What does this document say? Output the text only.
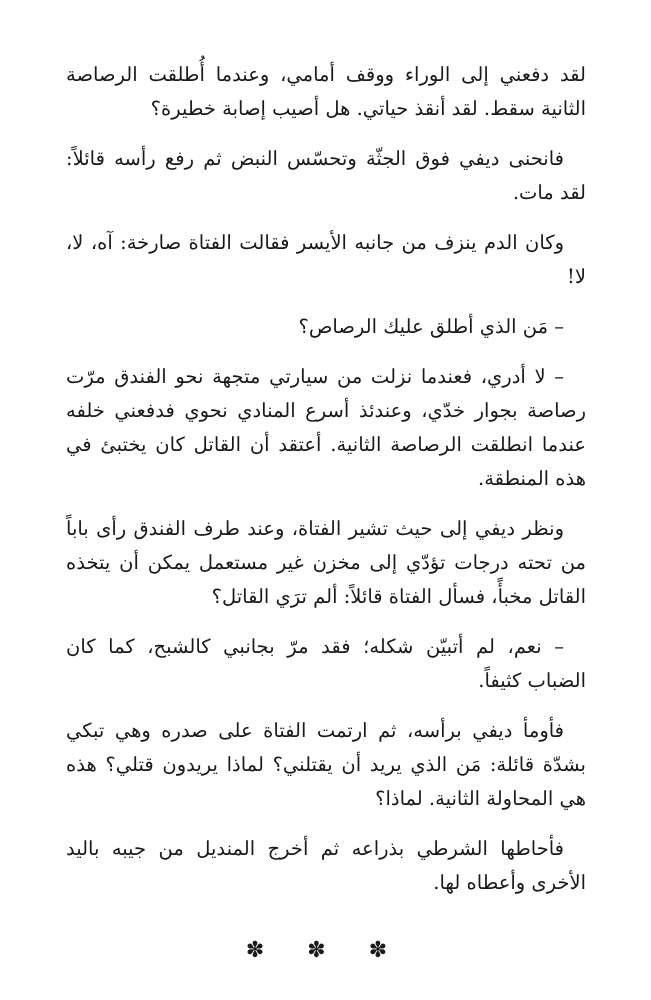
لقد دفعني إلى الوراء ووقف أمامي، وعندما أُطلقت الرصاصة الثانية سقط. لقد أنقذ حياتي. هل أصيب إصابة خطيرة؟

فانحنى ديفي فوق الجثّة وتحسّس النبض ثم رفع رأسه قائلاً: لقد مات.

وكان الدم ينزف من جانبه الأيسر فقالت الفتاة صارخة: آه، لا، لا!

– مَن الذي أطلق عليك الرصاص؟

– لا أدري، فعندما نزلت من سيارتي متجهة نحو الفندق مرّت رصاصة بجوار خدّي، وعندئذ أسرع المنادي نحوي فدفعني خلفه عندما انطلقت الرصاصة الثانية. أعتقد أن القاتل كان يختبئ في هذه المنطقة.

ونظر ديفي إلى حيث تشير الفتاة، وعند طرف الفندق رأى باباً من تحته درجات تؤدّي إلى مخزن غير مستعمل يمكن أن يتخذه القاتل مخبأً، فسأل الفتاة قائلاً: ألم ترَي القاتل؟

– نعم، لم أتبيّن شكله؛ فقد مرّ بجانبي كالشبح، كما كان الضباب كثيفاً.

فأومأ ديفي برأسه، ثم ارتمت الفتاة على صدره وهي تبكي بشدّة قائلة: مَن الذي يريد أن يقتلني؟ لماذا يريدون قتلي؟ هذه هي المحاولة الثانية. لماذا؟

فأحاطها الشرطي بذراعه ثم أخرج المنديل من جيبه باليد الأخرى وأعطاه لها.

✽ ✽ ✽
